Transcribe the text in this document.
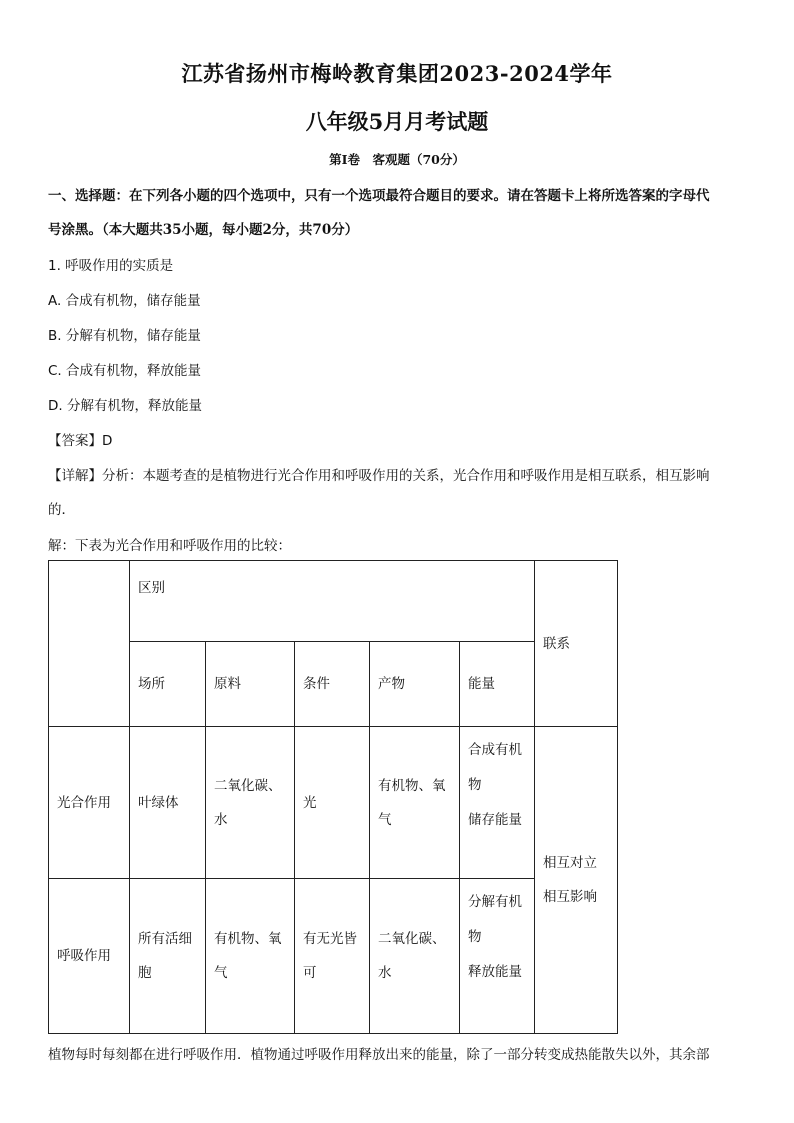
江苏省扬州市梅岭教育集团2023-2024学年
八年级5月月考试题
第Ⅰ卷　客观题（70分）
一、选择题：在下列各小题的四个选项中，只有一个选项最符合题目的要求。请在答题卡上将所选答案的字母代
号涂黑。（本大题共35小题，每小题2分，共70分）
1. 呼吸作用的实质是
A. 合成有机物，储存能量
B. 分解有机物，储存能量
C. 合成有机物，释放能量
D. 分解有机物，释放能量
【答案】D
【详解】分析：本题考查的是植物进行光合作用和呼吸作用的关系，光合作用和呼吸作用是相互联系，相互影响
的．
解：下表为光合作用和呼吸作用的比较：
	区别					联系
	场所	原料	条件	产物	能量	
光合作用	叶绿体	二氧化碳、
水	光	有机物、氧
气	合成有机
物
储存能量	相互对立
相互影响

呼吸作用	所有活细
胞	有机物、氧
气	有无光皆
可	二氧化碳、
水	分解有机
物
释放能量	
植物每时每刻都在进行呼吸作用．植物通过呼吸作用释放出来的能量，除了一部分转变成热能散失以外，其余部
